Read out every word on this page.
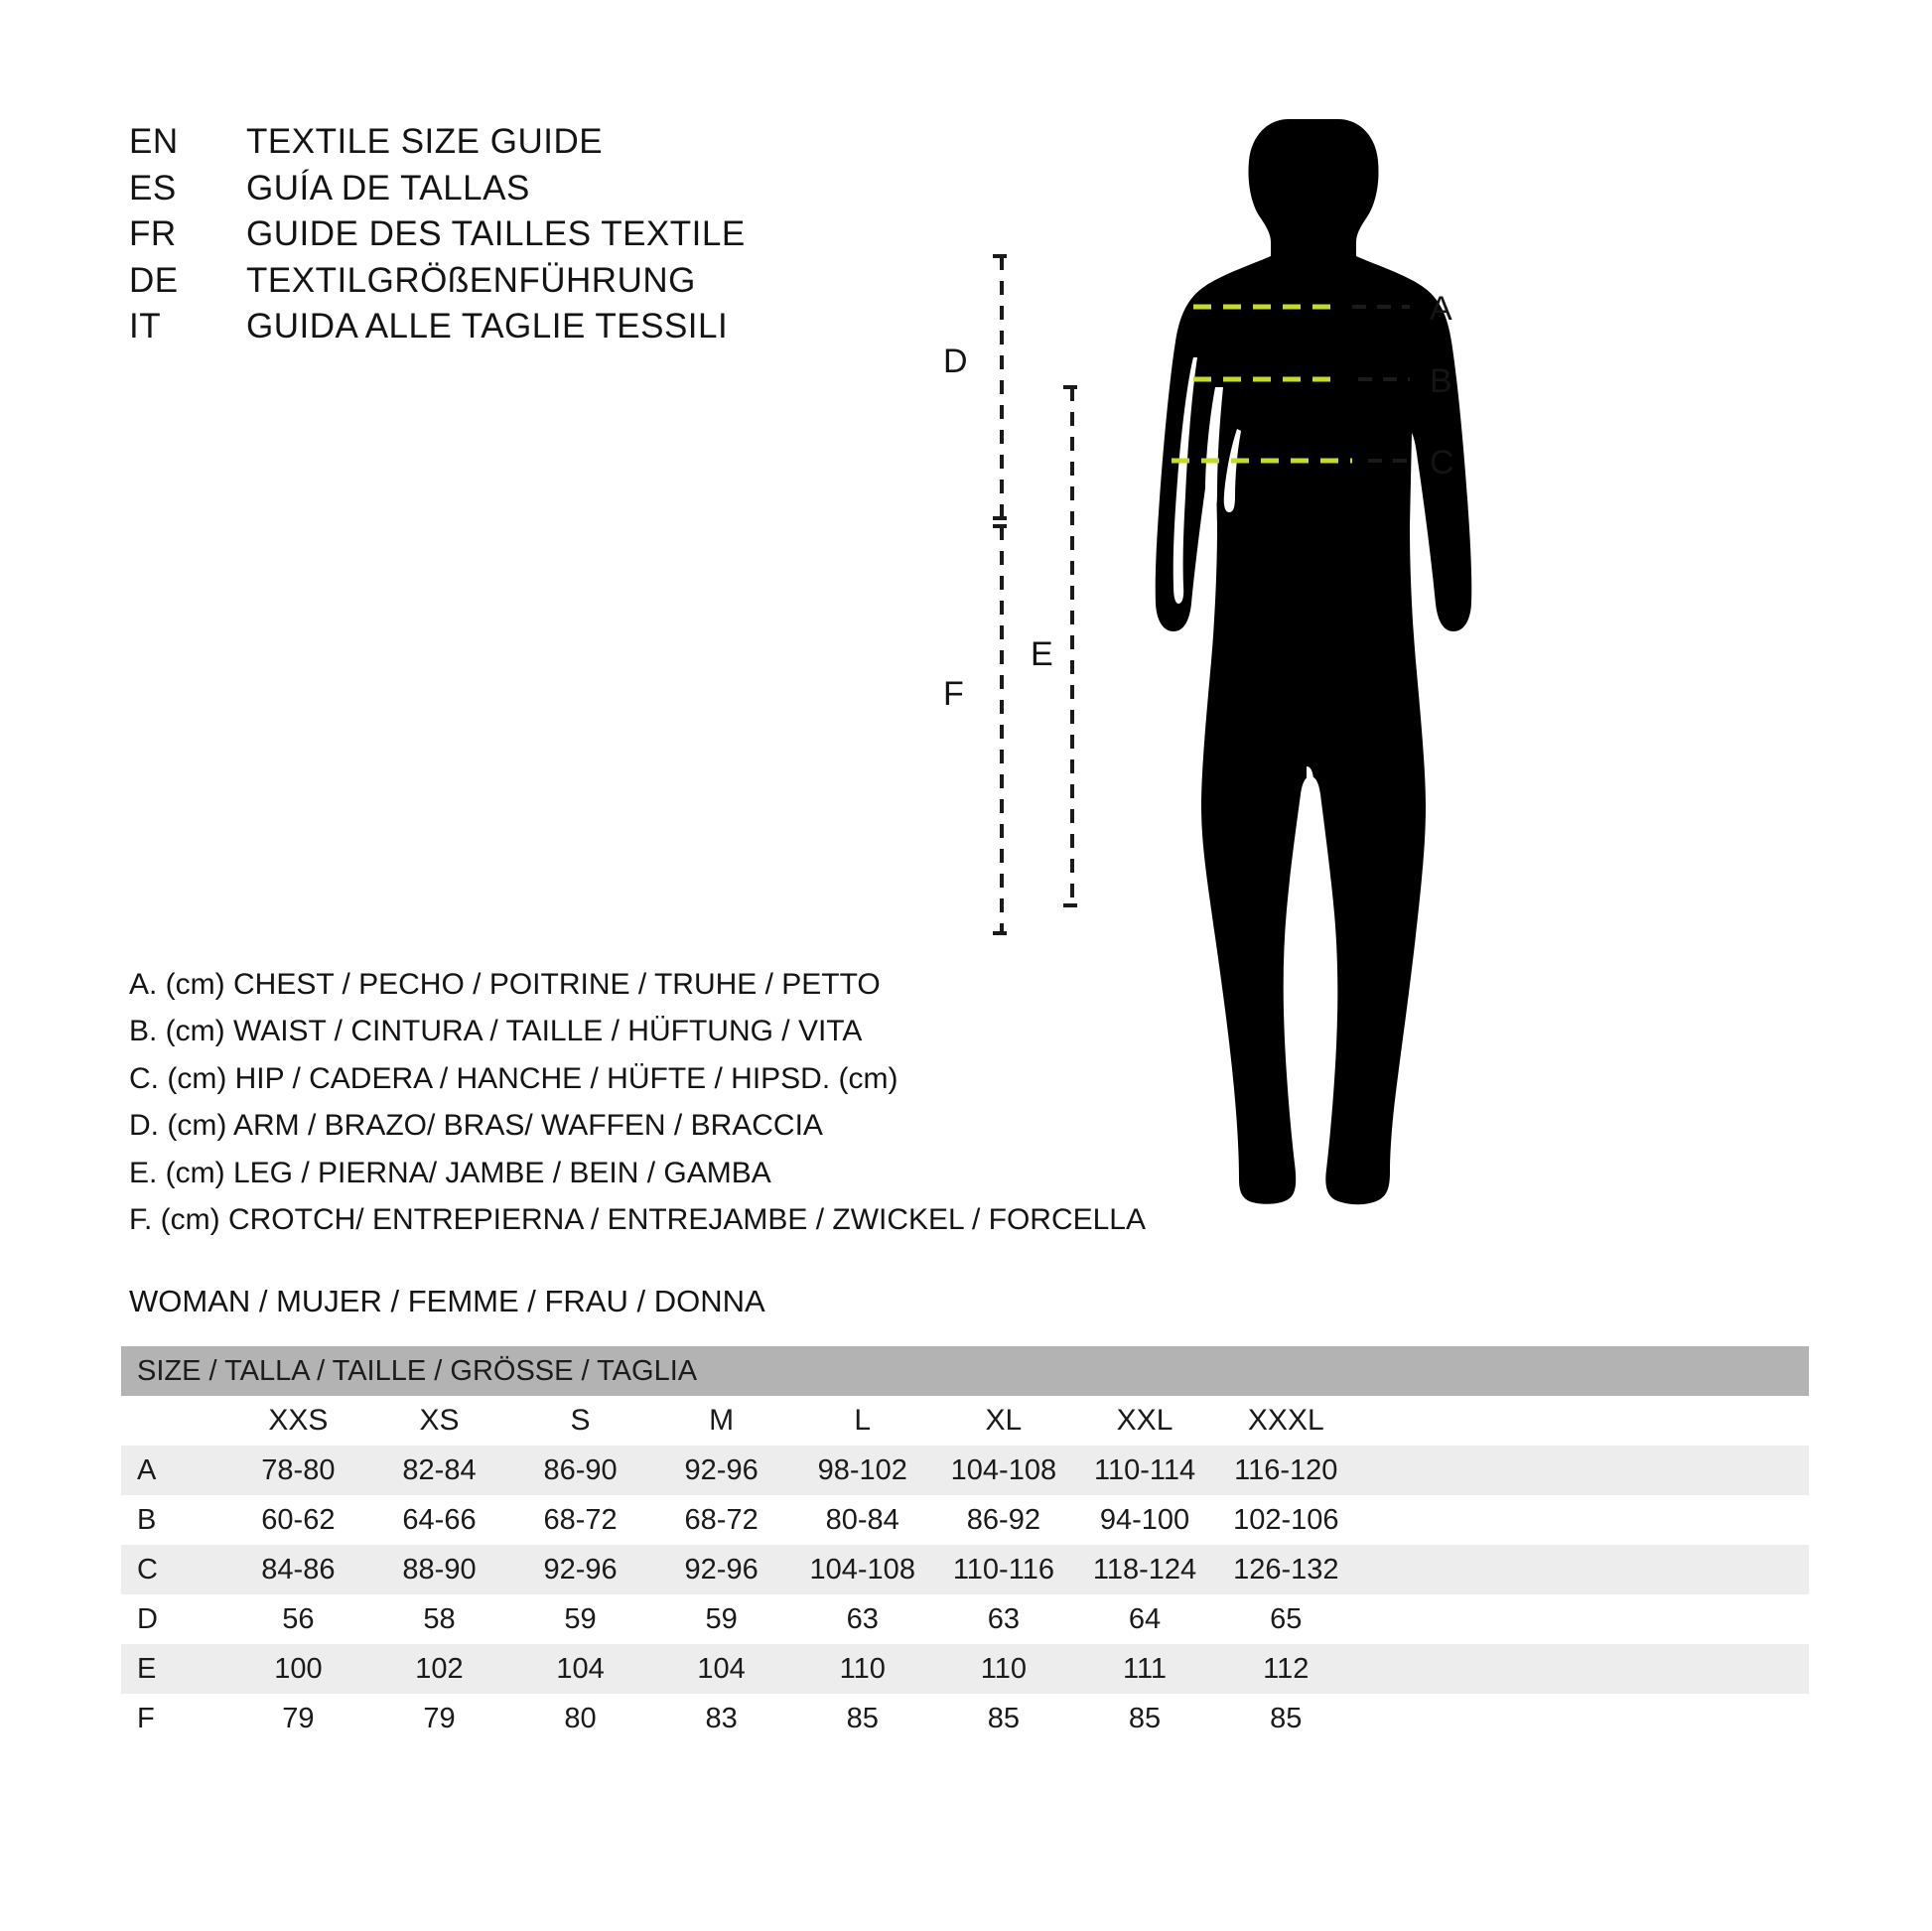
EN	TEXTILE SIZE GUIDE
ES	GUÍA DE TALLAS
FR	GUIDE DES TAILLES TEXTILE
DE	TEXTILGRÖßENFÜHRUNG
IT	GUIDA ALLE TAGLIE TESSILI	A
B
C
D
E
F
A. (cm) CHEST / PECHO / POITRINE / TRUHE / PETTO
B. (cm) WAIST / CINTURA / TAILLE / HÜFTUNG / VITA
C. (cm) HIP / CADERA / HANCHE / HÜFTE / HIPSD. (cm)
D. (cm) ARM / BRAZO/ BRAS/ WAFFEN / BRACCIA
E. (cm) LEG / PIERNA/ JAMBE / BEIN / GAMBA
F. (cm) CROTCH/ ENTREPIERNA / ENTREJAMBE / ZWICKEL / FORCELLA
WOMAN / MUJER / FEMME / FRAU / DONNA
SIZE / TALLA / TAILLE / GRÖSSE / TAGLIA									
	XXS	XS	S	M	L	XL	XXL	XXXL	
A	78-80	82-84	86-90	92-96	98-102	104-108	110-114	116-120	
B	60-62	64-66	68-72	68-72	80-84	86-92	94-100	102-106	
C	84-86	88-90	92-96	92-96	104-108	110-116	118-124	126-132	
D	56	58	59	59	63	63	64	65	
E	100	102	104	104	110	110	111	112	
F	79	79	80	83	85	85	85	85	
